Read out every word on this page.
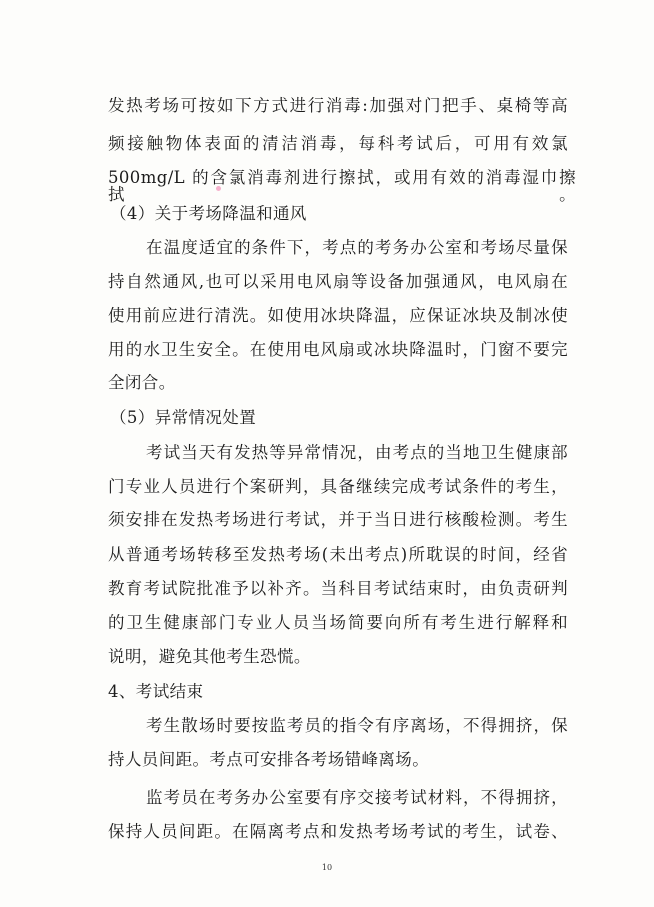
发热考场可按如下方式进行消毒:加强对门把手、桌椅等高
频接触物体表面的清洁消毒，每科考试后，可用有效氯
500mg/L 的含氯消毒剂进行擦拭，或用有效的消毒湿巾擦拭。
（4）关于考场降温和通风
在温度适宜的条件下，考点的考务办公室和考场尽量保
持自然通风,也可以采用电风扇等设备加强通风，电风扇在
使用前应进行清洗。如使用冰块降温，应保证冰块及制冰使
用的水卫生安全。在使用电风扇或冰块降温时，门窗不要完
全闭合。
（5）异常情况处置
考试当天有发热等异常情况，由考点的当地卫生健康部
门专业人员进行个案研判，具备继续完成考试条件的考生，
须安排在发热考场进行考试，并于当日进行核酸检测。考生
从普通考场转移至发热考场(未出考点)所耽误的时间，经省
教育考试院批准予以补齐。当科目考试结束时，由负责研判
的卫生健康部门专业人员当场简要向所有考生进行解释和
说明，避免其他考生恐慌。
4、考试结束
考生散场时要按监考员的指令有序离场，不得拥挤，保
持人员间距。考点可安排各考场错峰离场。
监考员在考务办公室要有序交接考试材料，不得拥挤，
保持人员间距。在隔离考点和发热考场考试的考生，试卷、
10
